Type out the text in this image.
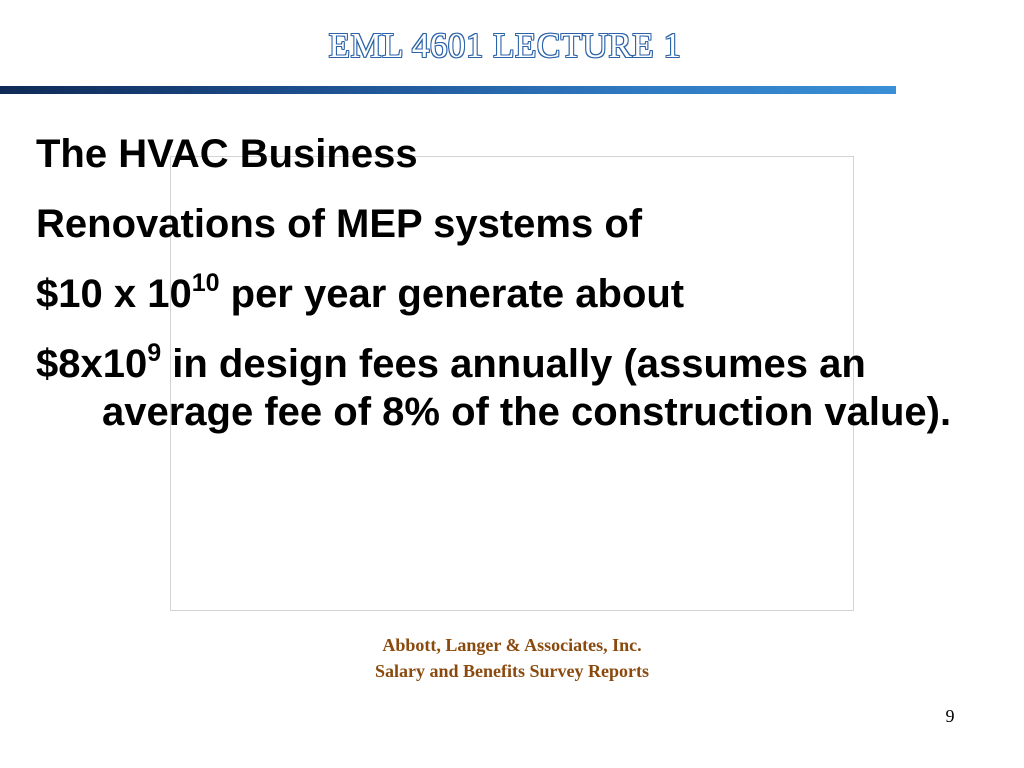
EML 4601 LECTURE 1

The HVAC Business

Renovations of MEP systems of

$10 x $10^{10}$ per year generate about

$\$8x10^9$ in design fees annually (assumes an average fee of 8% of the construction value).

Abbott, Langer & Associates, Inc.
Salary and Benefits Survey Reports
9
